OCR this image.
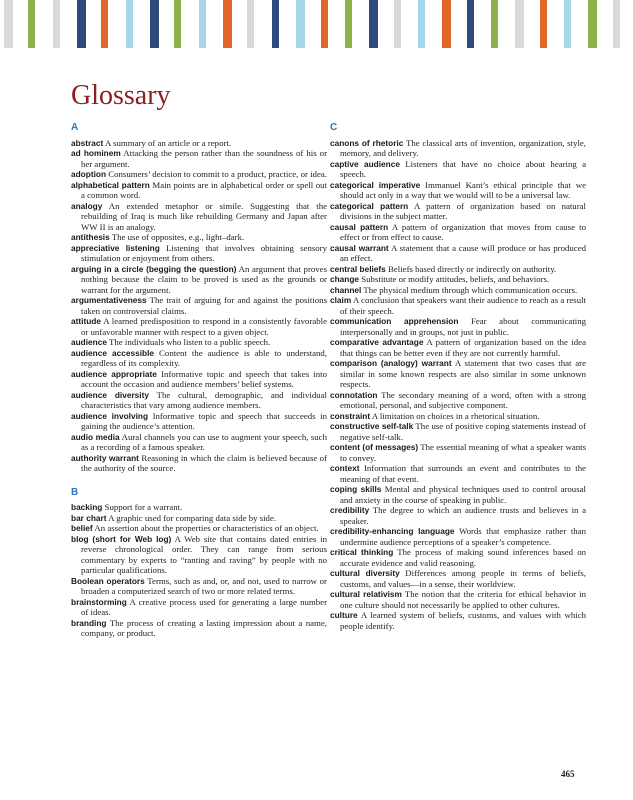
Glossary
A

abstract A summary of an article or a report.

ad hominem Attacking the person rather than the soundness of his or her argument.

adoption Consumers’ decision to commit to a product, practice, or idea.

alphabetical pattern Main points are in alphabetical order or spell out a common word.

analogy An extended metaphor or simile. Suggesting that the rebuilding of Iraq is much like rebuilding Germany and Japan after WW II is an analogy.

antithesis The use of opposites, e.g., light–dark.

appreciative listening Listening that involves obtaining sensory stimulation or enjoyment from others.

arguing in a circle (begging the question) An argument that proves nothing because the claim to be proved is used as the grounds or warrant for the argument.

argumentativeness The trait of arguing for and against the positions taken on controversial claims.

attitude A learned predisposition to respond in a consistently favorable or unfavorable manner with respect to a given object.

audience The individuals who listen to a public speech.

audience accessible Content the audience is able to understand, regardless of its complexity.

audience appropriate Informative topic and speech that takes into account the occasion and audience members’ belief systems.

audience diversity The cultural, demographic, and individual characteristics that vary among audience members.

audience involving Informative topic and speech that succeeds in gaining the audience’s attention.

audio media Aural channels you can use to augment your speech, such as a recording of a famous speaker.

authority warrant Reasoning in which the claim is believed because of the authority of the source.

B

backing Support for a warrant.

bar chart A graphic used for comparing data side by side.

belief An assertion about the properties or characteristics of an object.

blog (short for Web log) A Web site that contains dated entries in reverse chronological order. They can range from serious commentary by experts to “ranting and raving” by people with no particular qualifications.

Boolean operators Terms, such as and, or, and not, used to narrow or broaden a computerized search of two or more related terms.

brainstorming A creative process used for generating a large number of ideas.

branding The process of creating a lasting impression about a name, company, or product.

C

canons of rhetoric The classical arts of invention, organization, style, memory, and delivery.

captive audience Listeners that have no choice about hearing a speech.

categorical imperative Immanuel Kant’s ethical principle that we should act only in a way that we would will to be a universal law.

categorical pattern A pattern of organization based on natural divisions in the subject matter.

causal pattern A pattern of organization that moves from cause to effect or from effect to cause.

causal warrant A statement that a cause will produce or has produced an effect.

central beliefs Beliefs based directly or indirectly on authority.

change Substitute or modify attitudes, beliefs, and behaviors.

channel The physical medium through which communication occurs.

claim A conclusion that speakers want their audience to reach as a result of their speech.

communication apprehension Fear about communicating interpersonally and in groups, not just in public.

comparative advantage A pattern of organization based on the idea that things can be better even if they are not currently harmful.

comparison (analogy) warrant A statement that two cases that are similar in some known respects are also similar in some unknown respects.

connotation The secondary meaning of a word, often with a strong emotional, personal, and subjective component.

constraint A limitation on choices in a rhetorical situation.

constructive self-talk The use of positive coping statements instead of negative self-talk.

content (of messages) The essential meaning of what a speaker wants to convey.

context Information that surrounds an event and contributes to the meaning of that event.

coping skills Mental and physical techniques used to control arousal and anxiety in the course of speaking in public.

credibility The degree to which an audience trusts and believes in a speaker.

credibility-enhancing language Words that emphasize rather than undermine audience perceptions of a speaker’s competence.

critical thinking The process of making sound inferences based on accurate evidence and valid reasoning.

cultural diversity Differences among people in terms of beliefs, customs, and values—in a sense, their worldview.

cultural relativism The notion that the criteria for ethical behavior in one culture should not necessarily be applied to other cultures.

culture A learned system of beliefs, customs, and values with which people identify.

465
